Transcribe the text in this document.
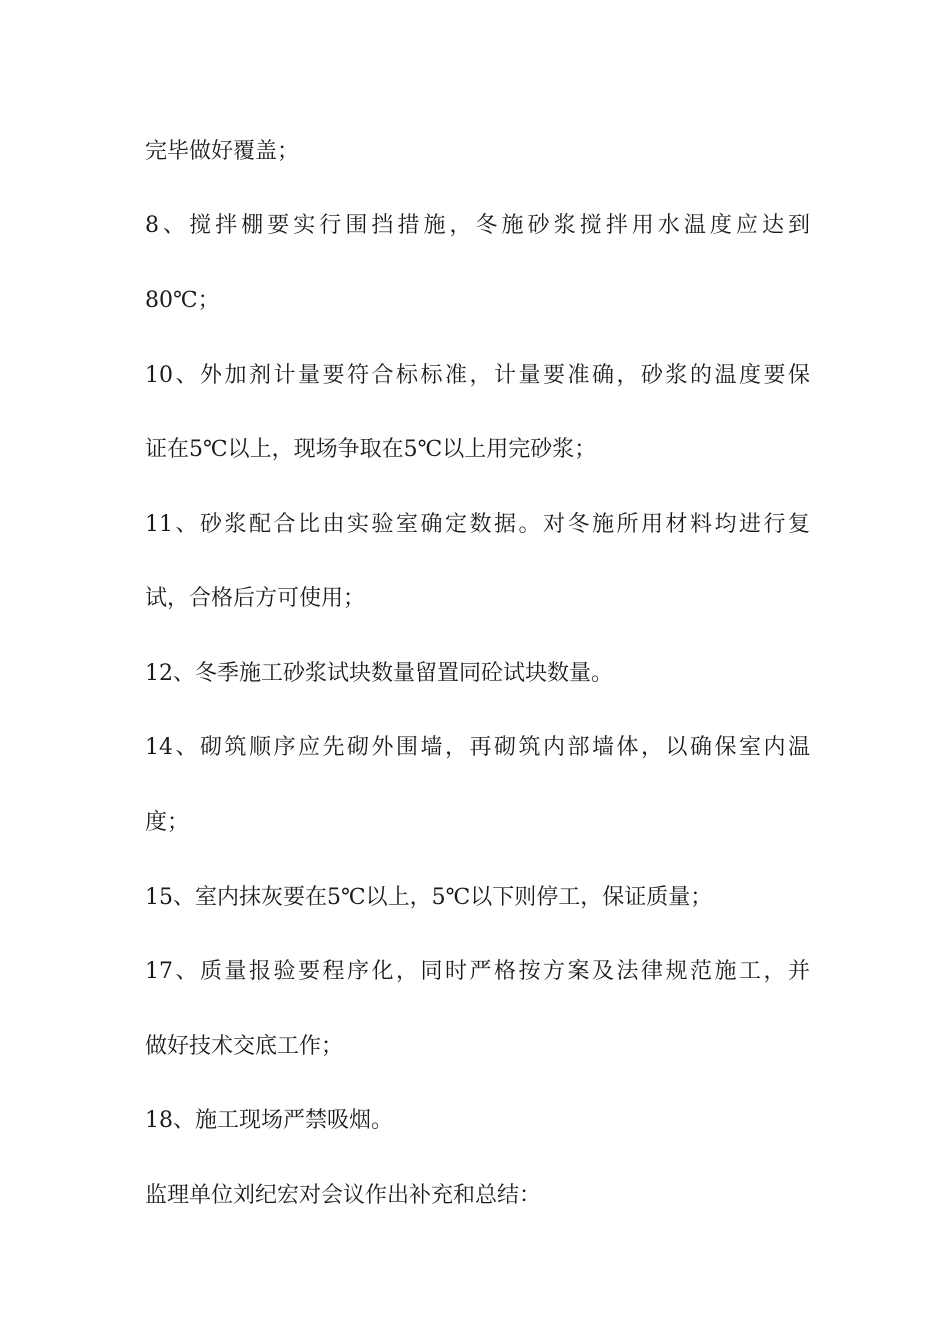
完毕做好覆盖；
8、搅拌棚要实行围挡措施，冬施砂浆搅拌用水温度应达到
80℃；
10、外加剂计量要符合标标准，计量要准确，砂浆的温度要保
证在5℃以上，现场争取在5℃以上用完砂浆；
11、砂浆配合比由实验室确定数据。对冬施所用材料均进行复
试，合格后方可使用；
12、冬季施工砂浆试块数量留置同砼试块数量。
14、砌筑顺序应先砌外围墙，再砌筑内部墙体，以确保室内温
度；
15、室内抹灰要在5℃以上，5℃以下则停工，保证质量；
17、质量报验要程序化，同时严格按方案及法律规范施工，并
做好技术交底工作；
18、施工现场严禁吸烟。
监理单位刘纪宏对会议作出补充和总结：
